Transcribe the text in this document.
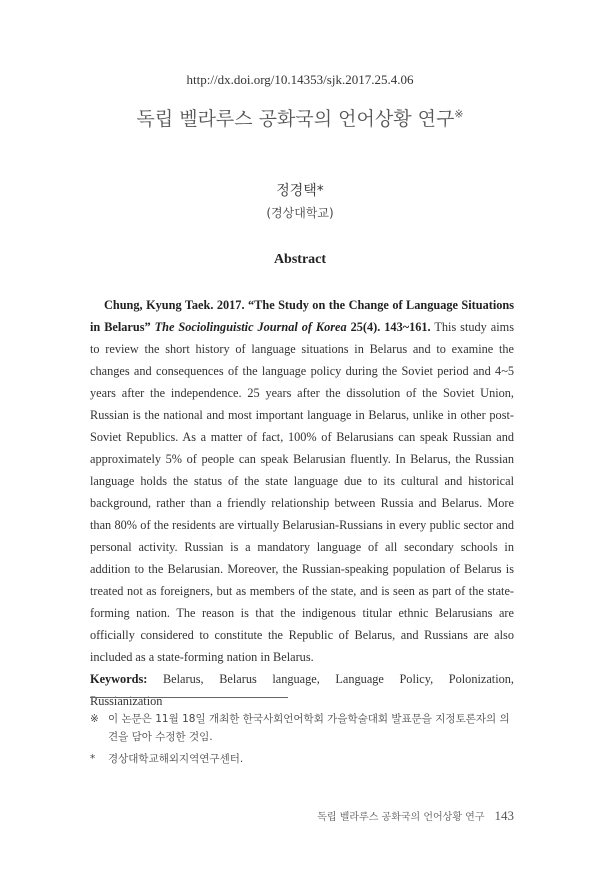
http://dx.doi.org/10.14353/sjk.2017.25.4.06
독립 벨라루스 공화국의 언어상황 연구※
정경택*
(경상대학교)
Abstract

Chung, Kyung Taek. 2017. “The Study on the Change of Language Situations in Belarus” The Sociolinguistic Journal of Korea 25(4). 143~161. This study aims to review the short history of language situations in Belarus and to examine the changes and consequences of the language policy during the Soviet period and 4~5 years after the independence. 25 years after the dissolution of the Soviet Union, Russian is the national and most important language in Belarus, unlike in other post-Soviet Republics. As a matter of fact, 100% of Belarusians can speak Russian and approximately 5% of people can speak Belarusian fluently. In Belarus, the Russian language holds the status of the state language due to its cultural and historical background, rather than a friendly relationship between Russia and Belarus. More than 80% of the residents are virtually Belarusian-Russians in every public sector and personal activity. Russian is a mandatory language of all secondary schools in addition to the Belarusian. Moreover, the Russian-speaking population of Belarus is treated not as foreigners, but as members of the state, and is seen as part of the state-forming nation. The reason is that the indigenous titular ethnic Belarusians are officially considered to constitute the Republic of Belarus, and Russians are also included as a state-forming nation in Belarus.

Keywords: Belarus, Belarus language, Language Policy, Polonization, Russianization

※ 이 논문은 11월 18일 개최한 한국사회언어학회 가을학술대회 발표문을 지정토론자의 의견을 담아 수정한 것임.

*	경상대학교해외지역연구센터.

독립 벨라루스 공화국의 언어상황 연구 143
